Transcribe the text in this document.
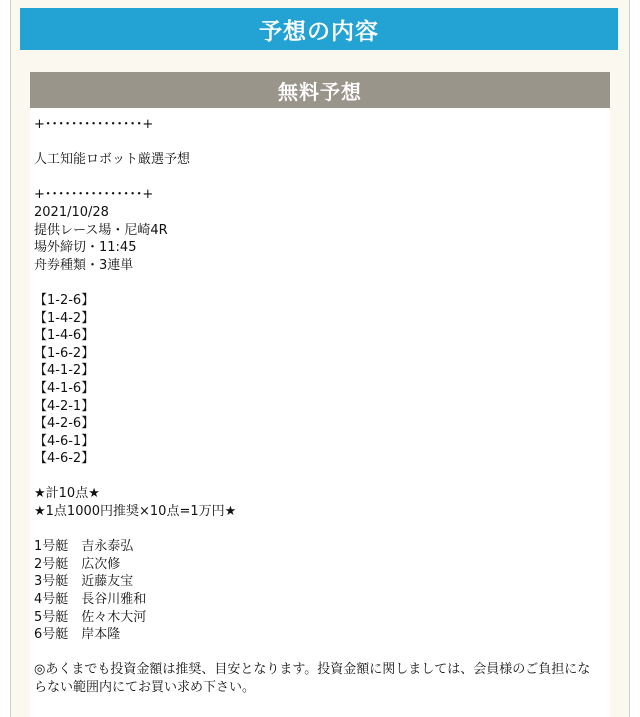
予想の内容
無料予想
+･･･････････････+
人工知能ロボット厳選予想
+･･･････････････+
2021/10/28
提供レース場・尼崎4R
場外締切・11:45
舟券種類・3連単
【1-2-6】
【1-4-2】
【1-4-6】
【1-6-2】
【4-1-2】
【4-1-6】
【4-2-1】
【4-2-6】
【4-6-1】
【4-6-2】
★計10点★
★1点1000円推奨×10点=1万円★
1号艇　吉永泰弘
2号艇　広次修
3号艇　近藤友宝
4号艇　長谷川雅和
5号艇　佐々木大河
6号艇　岸本隆
◎あくまでも投資金額は推奨、目安となります。投資金額に関しましては、会員様のご負担にならない範囲内にてお買い求め下さい。
